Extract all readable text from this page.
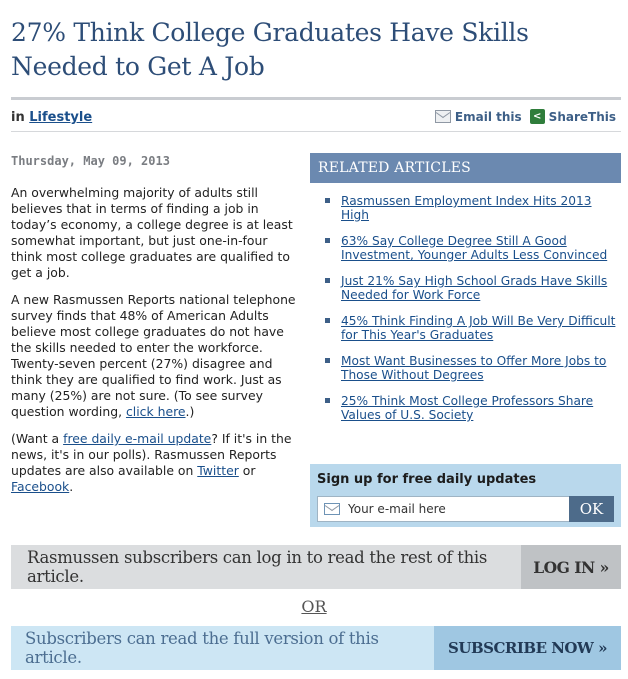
27% Think College Graduates Have Skills Needed to Get A Job
in Lifestyle	Email this	< ShareThis
Thursday, May 09, 2013

An overwhelming majority of adults still believes that in terms of finding a job in today’s economy, a college degree is at least somewhat important, but just one-in-four think most college graduates are qualified to get a job.

A new Rasmussen Reports national telephone survey finds that 48% of American Adults believe most college graduates do not have the skills needed to enter the workforce. Twenty-seven percent (27%) disagree and think they are qualified to find work. Just as many (25%) are not sure. (To see survey question wording, click here.)

(Want a free daily e-mail update? If it's in the news, it's in our polls). Rasmussen Reports updates are also available on Twitter or Facebook.

RELATED ARTICLES
Rasmussen Employment Index Hits 2013 High
63% Say College Degree Still A Good Investment, Younger Adults Less Convinced
Just 21% Say High School Grads Have Skills Needed for Work Force
45% Think Finding A Job Will Be Very Difficult for This Year's Graduates
Most Want Businesses to Offer More Jobs to Those Without Degrees
25% Think Most College Professors Share Values of U.S. Society
Sign up for free daily updates
Your e-mail here
OK
Rasmussen subscribers can log in to read the rest of this article.	LOG IN »
OR
Subscribers can read the full version of this article.	SUBSCRIBE NOW »
